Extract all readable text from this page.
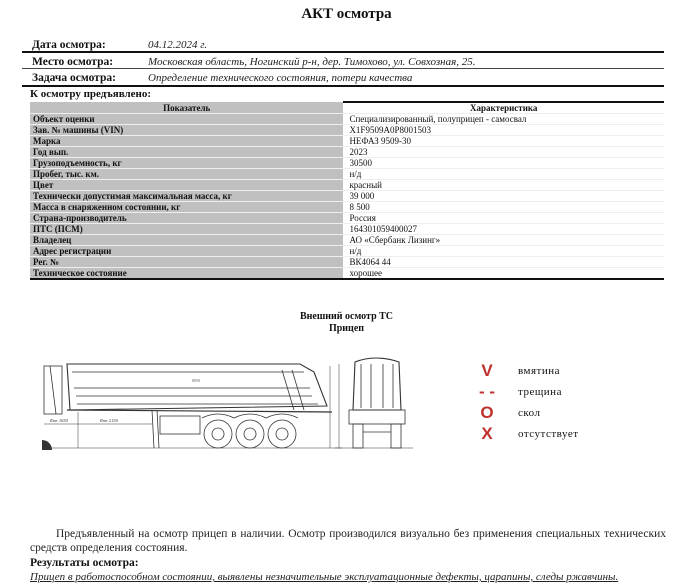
АКТ осмотра
Дата осмотра:	04.12.2024 г.
Место осмотра:	Московская область, Ногинский р-н, дер. Тимохово, ул. Совхозная, 25.
Задача осмотра:	Определение технического состояния, потери качества
К осмотру предъявлено:
Показатель	Характеристика
Объект оценки	Специализированный, полуприцеп - самосвал
Зав. № машины (VIN)	X1F9509A0P8001503
Марка	НЕФАЗ 9509-30
Год вып.	2023
Грузоподъемность, кг	30500
Пробег, тыс. км.	н/д
Цвет	красный
Технически допустимая максимальная масса, кг	39 000
Масса в снаряженном состоянии, кг	8 500
Страна-производитель	Россия
ПТС (ПСМ)	164301059400027
Владелец	АО «Сбербанк Лизинг»
Адрес регистрации	н/д
Рег. №	ВК4064 44
Техническое состояние	хорошее
Внешний осмотр ТС
Прицеп
8050
Rmr 1650	Rmr 2150
V	вмятина
- - трещина
O	скол
X	отсутствует
Предъявленный на осмотр прицеп в наличии. Осмотр производился визуально без применения специальных технических средств определения состояния.
Результаты осмотра:
Прицеп в работоспособном состоянии, выявлены незначительные эксплуатационные дефекты, царапины, следы ржавчины.
